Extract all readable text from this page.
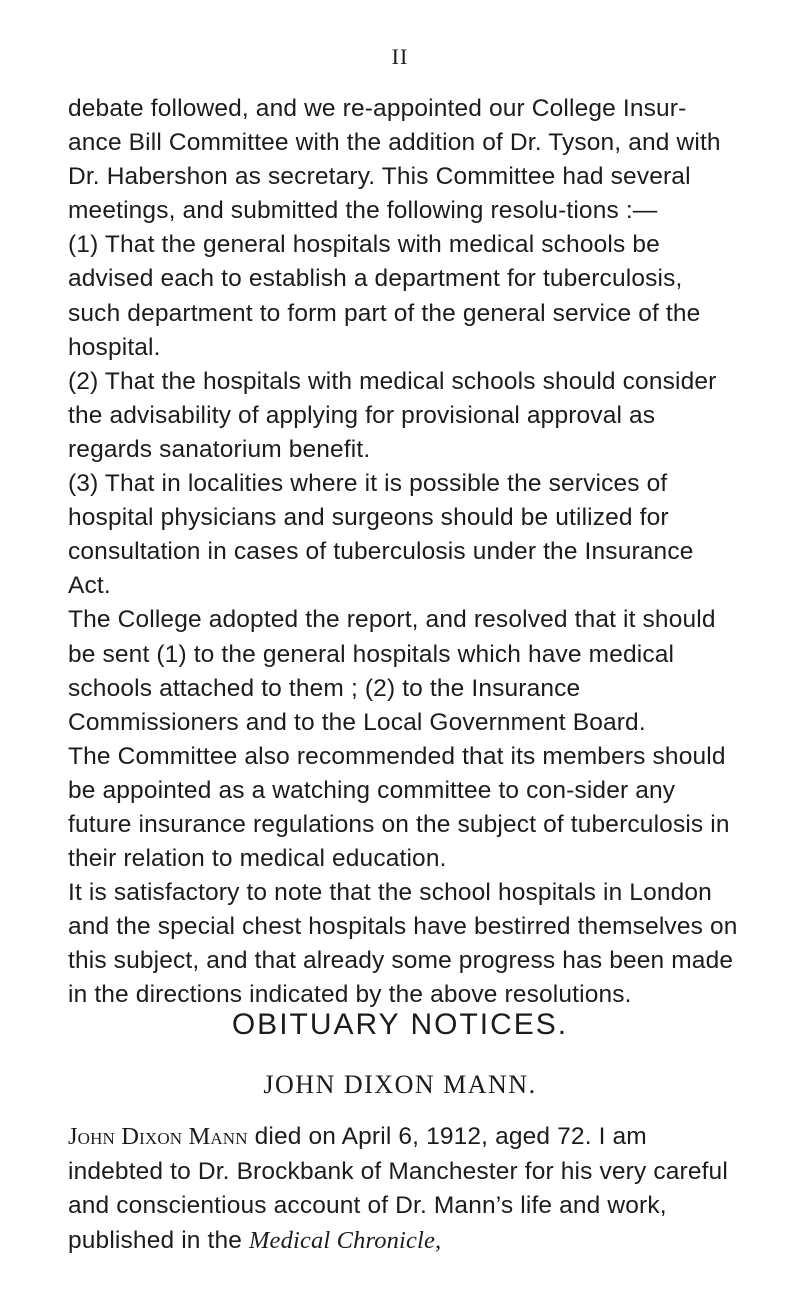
II

debate followed, and we re-appointed our College Insur-ance Bill Committee with the addition of Dr. Tyson, and with Dr. Habershon as secretary. This Committee had several meetings, and submitted the following resolu-tions :—

(1) That the general hospitals with medical schools be advised each to establish a department for tuberculosis, such department to form part of the general service of the hospital.

(2) That the hospitals with medical schools should consider the advisability of applying for provisional approval as regards sanatorium benefit.

(3) That in localities where it is possible the services of hospital physicians and surgeons should be utilized for consultation in cases of tuberculosis under the Insurance Act.

The College adopted the report, and resolved that it should be sent (1) to the general hospitals which have medical schools attached to them ; (2) to the Insurance Commissioners and to the Local Government Board.

The Committee also recommended that its members should be appointed as a watching committee to con-sider any future insurance regulations on the subject of tuberculosis in their relation to medical education.

It is satisfactory to note that the school hospitals in London and the special chest hospitals have bestirred themselves on this subject, and that already some progress has been made in the directions indicated by the above resolutions.

OBITUARY NOTICES.
JOHN DIXON MANN.
John Dixon Mann died on April 6, 1912, aged 72. I am indebted to Dr. Brockbank of Manchester for his very careful and conscientious account of Dr. Mann’s life and work, published in the Medical Chronicle,
